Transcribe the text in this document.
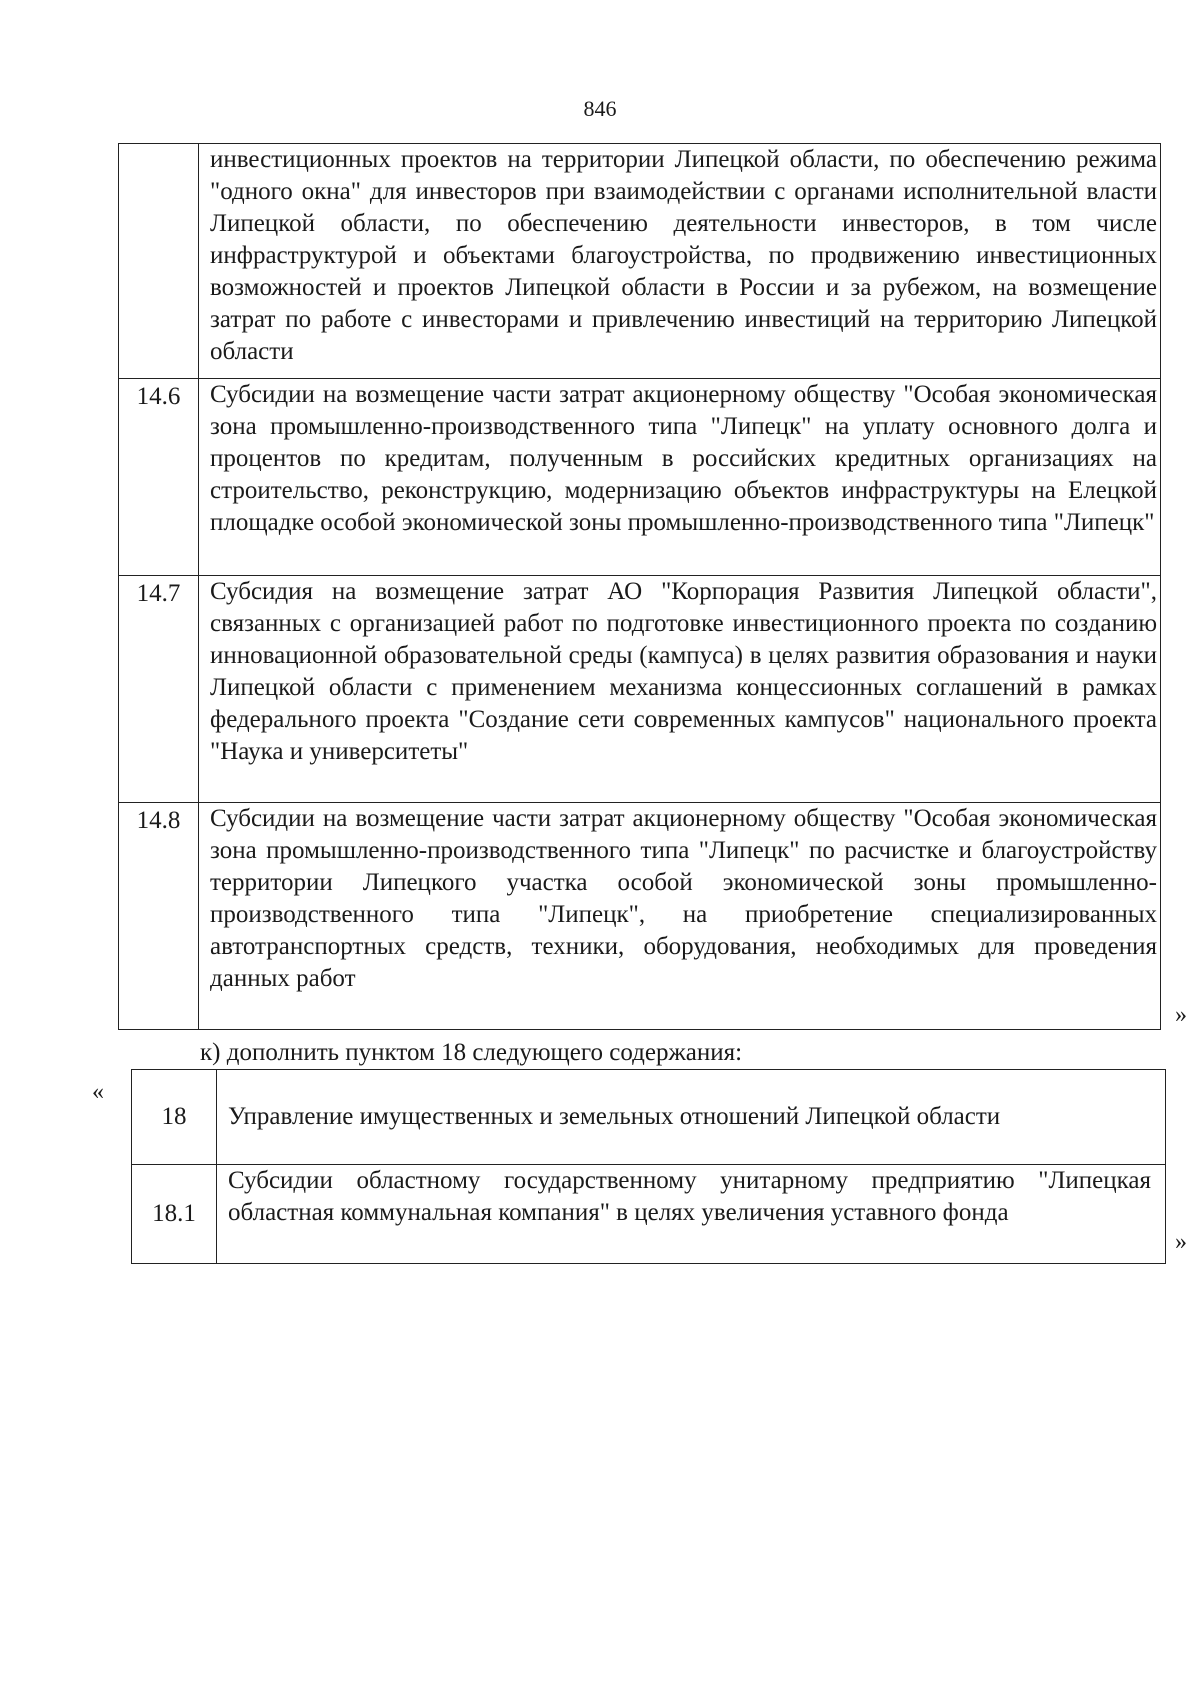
846
	инвестиционных проектов на территории Липецкой области, по обеспечению режима "одного окна" для инвесторов при взаимодействии с органами исполнительной власти Липецкой области, по обеспечению деятельности инвесторов, в том числе инфраструктурой и объектами благоустройства, по продвижению инвестиционных возможностей и проектов Липецкой области в России и за рубежом, на возмещение затрат по работе с инвесторами и привлечению инвестиций на территорию Липецкой области
14.6	Субсидии на возмещение части затрат акционерному обществу "Особая экономическая зона промышленно-производственного типа "Липецк" на уплату основного долга и процентов по кредитам, полученным в российских кредитных организациях на строительство, реконструкцию, модернизацию объектов инфраструктуры на Елецкой площадке особой экономической зоны промышленно-производственного типа "Липецк"
14.7	Субсидия на возмещение затрат АО "Корпорация Развития Липецкой области", связанных с организацией работ по подготовке инвестиционного проекта по созданию инновационной образовательной среды (кампуса) в целях развития образования и науки Липецкой области с применением механизма концессионных соглашений в рамках федерального проекта "Создание сети современных кампусов" национального проекта "Наука и университеты"
14.8	Субсидии на возмещение части затрат акционерному обществу "Особая экономическая зона промышленно-производственного типа "Липецк" по расчистке и благоустройству территории Липецкого участка особой экономической зоны промышленно-производственного типа "Липецк", на приобретение специализированных автотранспортных средств, техники, оборудования, необходимых для проведения данных работ
»
к) дополнить пунктом 18 следующего содержания:
«
18	Управление имущественных и земельных отношений Липецкой области
18.1	Субсидии областному государственному унитарному предприятию "Липецкая областная коммунальная компания" в целях увеличения уставного фонда
»
